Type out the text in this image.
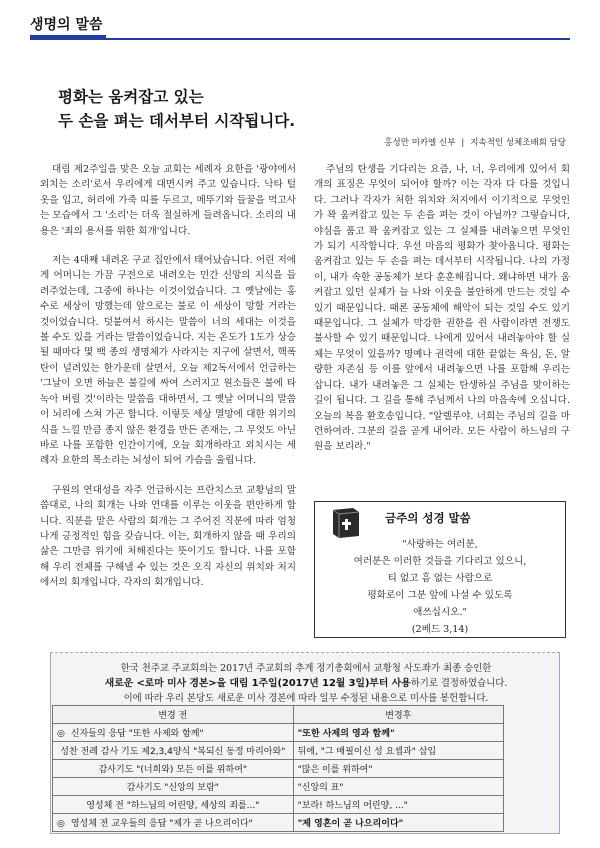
생명의 말씀
평화는 움켜잡고 있는
두 손을 펴는 데서부터 시작됩니다.
홍성만 미카엘 신부 | 지속적인 성체조배회 담당

대림 제2주일을 맞은 오늘 교회는 세례자 요한을 '광야에서 외치는 소리'로서 우리에게 대면시켜 주고 있습니다. 낙타 털 옷을 입고, 허리에 가죽 띠를 두르고, 메뚜기와 들꿀을 먹고사는 모습에서 그 '소리'는 더욱 절실하게 들려옵니다. 소리의 내용은 '죄의 용서를 위한 회개'입니다.

저는 4대째 내려온 구교 집안에서 태어났습니다. 어린 저에게 어머니는 가끔 구전으로 내려오는 민간 신앙의 지식을 들려주었는데, 그중에 하나는 이것이었습니다. 그 옛날에는 홍수로 세상이 망했는데 앞으로는 불로 이 세상이 망할 거라는 것이었습니다. 덧붙여서 하시는 말씀이 너의 세대는 이것을 볼 수도 있을 거라는 말씀이었습니다. 지는 온도가 1도가 상승될 때마다 몇 백 종의 생명체가 사라지는 지구에 살면서, 핵폭탄이 널려있는 한가운데 살면서, 오늘 제2독서에서 언급하는 '그날이 오면 하늘은 불길에 싸여 스러지고 원소들은 불에 타 녹아 버릴 것'이라는 말씀을 대하면서, 그 옛날 어머니의 말씀이 뇌리에 스쳐 가곤 합니다. 이렇듯 세상 멸망에 대한 위기의식을 느낄 만큼 종지 않은 환경을 만든 존재는, 그 무엇도 아닌 바로 나를 포함한 인간이기에, 오늘 회개하라고 외치시는 세례자 요한의 목소리는 뇌성이 되어 가슴을 울립니다.

구원의 연대성을 자주 언급하시는 프란치스코 교황님의 말씀대로, 나의 회개는 나와 연대를 이루는 이웃을 편안하게 합니다. 직분을 맡은 사람의 회개는 그 주어진 직분에 따라 엄청나게 긍정적인 힘을 갖습니다. 이는, 회개하지 않을 때 우리의 삶은 그만큼 위기에 처해진다는 뜻이기도 합니다. 나를 포함해 우리 전체를 구해낼 수 있는 것은 오직 자신의 위치와 처지에서의 회개입니다. 각자의 회개입니다.

주님의 탄생을 기다리는 요즘, 나, 너, 우리에게 있어서 회개의 표징은 무엇이 되어야 할까? 이는 각자 다 다를 것입니다. 그러나 각자가 처한 위치와 처지에서 이기적으로 무엇인가 꽉 움켜잡고 있는 두 손을 펴는 것이 아닐까? 그렇습니다, 야심을 품고 꽉 움켜잡고 있는 그 실체를 내려놓으면 무엇인가 되기 시작합니다. 우선 마음의 평화가 찾아옵니다. 평화는 움켜잡고 있는 두 손을 펴는 데서부터 시작됩니다. 나의 가정이, 내가 속한 공동체가 보다 훈훈해집니다. 왜냐하면 내가 움켜잡고 있던 실체가 늘 나와 이웃을 불안하게 만드는 것일 수 있기 때문입니다. 때론 공동체에 해악이 되는 것일 수도 있기 때문입니다. 그 실체가 막강한 권한을 쥔 사람이라면 전쟁도 불사할 수 있기 때문입니다. 나에게 있어서 내려놓아야 할 실체는 무엇이 있을까? 명예나 권력에 대한 끝없는 욕심, 돈, 알량한 자존심 등 이를 앞에서 내려놓으면 나를 포함해 우리는 삽니다. 내가 내려놓은 그 실체는 탄생하실 주님을 맞이하는 길이 됩니다. 그 길을 통해 주님께서 나의 마음속에 오십니다. 오늘의 복음 환호송입니다. "알렐루야. 너희는 주님의 길을 마련하여라. 그분의 길을 곧게 내어라. 모든 사람이 하느님의 구원을 보리라."

금주의 성경 말씀
"사랑하는 여러분,
여러분은 이러한 것들을 기다리고 있으니,
티 없고 흠 없는 사람으로
평화로이 그분 앞에 나설 수 있도록
애쓰십시오."
(2베드 3,14)
한국 천주교 주교회의는 2017년 주교회의 추계 정기총회에서 교황청 사도좌가 최종 승인한
새로운 <로마 미사 경본>을 대림 1주일(2017년 12월 3일)부터 사용하기로 결정하였습니다.
이에 따라 우리 본당도 새로운 미사 경본에 따라 일부 수정된 내용으로 미사를 봉헌합니다.
변경 전	변경후
◎ 신자들의 응답 "또한 사제와 함께"	"또한 사제의 영과 함께"
성찬 전례 감사 기도 제2,3,4양식 "복되신 동정 마리아와"	뒤에, "그 배필이신 성 요셉과" 삽입
감사기도 "(너희와) 모든 이를 위하여"	"많은 이를 위하여"
감사기도 "신앙의 보람"	"신앙의 표"
영성체 전 "하느님의 어린양, 세상의 죄를..."	"보라! 하느님의 어린양, ..."
◎ 영성체 전 교우들의 응답 "제가 곧 나으리이다"	"제 영혼이 곧 나으리이다"
